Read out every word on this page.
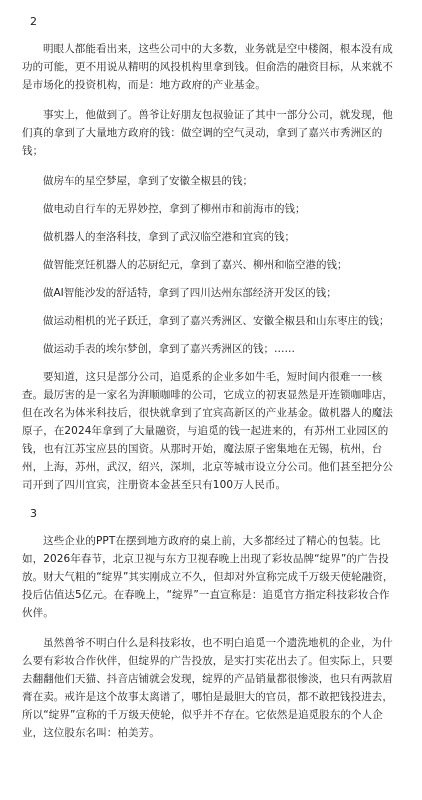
2

明眼人都能看出来，这些公司中的大多数，业务就是空中楼阁，根本没有成功的可能，更不用说从精明的风投机构里拿到钱。但俞浩的融资目标，从来就不是市场化的投资机构，而是：地方政府的产业基金。

事实上，他做到了。兽爷让好朋友包叔验证了其中一部分公司，就发现，他们真的拿到了大量地方政府的钱：做空调的空气灵动，拿到了嘉兴市秀洲区的钱；

做房车的星空梦屋，拿到了安徽全椒县的钱；

做电动自行车的无界妙控，拿到了柳州市和前海市的钱；

做机器人的奎洛科技，拿到了武汉临空港和宜宾的钱；

做智能烹饪机器人的芯厨纪元，拿到了嘉兴、柳州和临空港的钱；

做AI智能沙发的舒适特，拿到了四川达州东部经济开发区的钱；

做运动相机的光子跃迁，拿到了嘉兴秀洲区、安徽全椒县和山东枣庄的钱；

做运动手表的埃尔梦创，拿到了嘉兴秀洲区的钱；……

要知道，这只是部分公司，追觅系的企业多如牛毛，短时间内很难一一核查。最厉害的是一家名为湃顺咖啡的公司，它成立的初衷显然是开连锁咖啡店，但在改名为体米科技后，很快就拿到了宜宾高新区的产业基金。做机器人的魔法原子，在2024年拿到了大量融资，与追觅的钱一起进来的，有苏州工业园区的钱，也有江苏宝应县的国资。从那时开始，魔法原子密集地在无锡，杭州，台州，上海，苏州，武汉，绍兴，深圳，北京等城市设立分公司。他们甚至把分公司开到了四川宜宾，注册资本金甚至只有100万人民币。

3

这些企业的PPT在摆到地方政府的桌上前，大多都经过了精心的包装。比如，2026年春节，北京卫视与东方卫视春晚上出现了彩妆品牌“绽界”的广告投放。财大气粗的“绽界”其实刚成立不久，但却对外宣称完成千万级天使轮融资，投后估值达5亿元。在春晚上，“绽界”一直宣称是：追觅官方指定科技彩妆合作伙伴。

虽然兽爷不明白什么是科技彩妆，也不明白追觅一个遗洗地机的企业，为什么要有彩妆合作伙伴，但绽界的广告投放，是实打实花出去了。但实际上，只要去翻翻他们天猫、抖音店铺就会发现，绽界的产品销量都很惨淡，也只有两款眉膏在卖。戒许是这个故事太离谱了，哪怕是最胆大的官员，都不敢把钱投进去，所以“绽界”宣称的千万级天使轮，似乎并不存在。它依然是追觅股东的个人企业，这位股东名叫：柏美芳。
